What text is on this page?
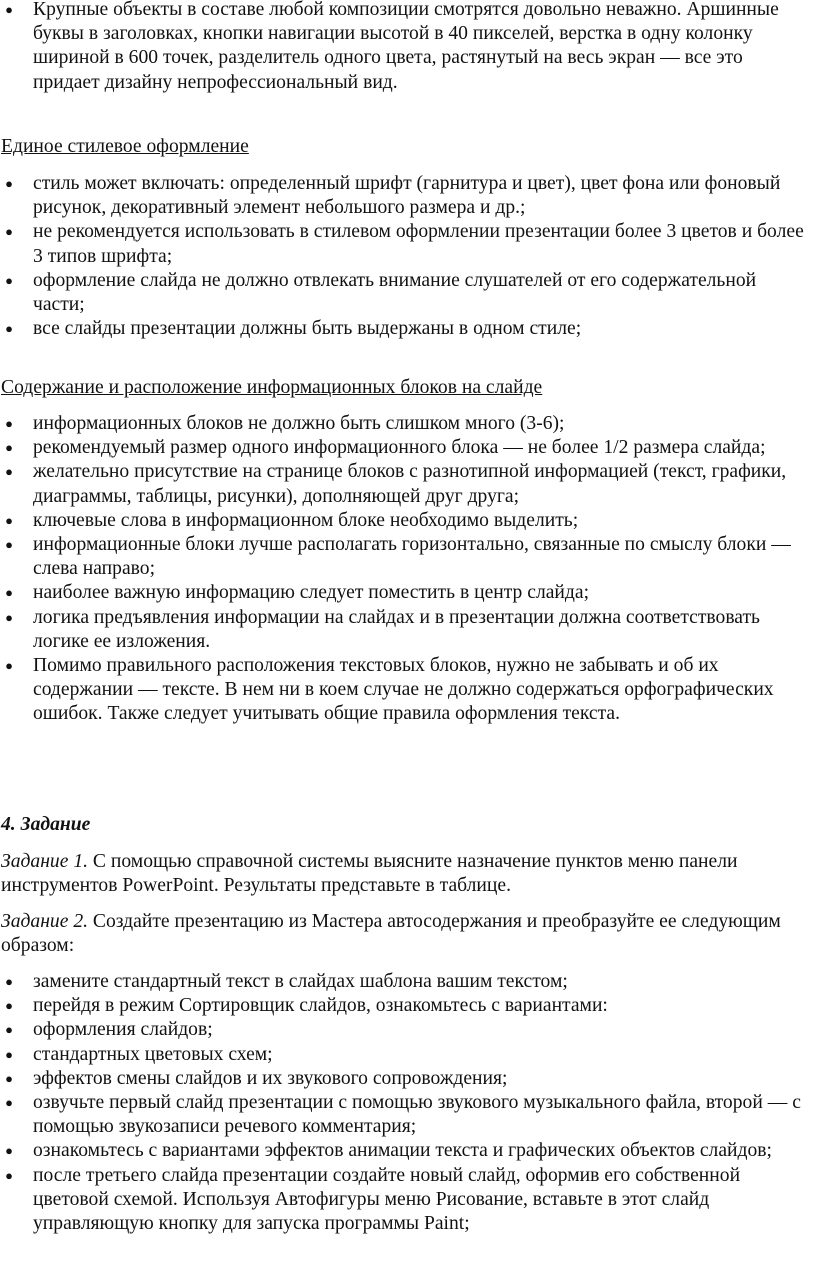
● Крупные объекты в составе любой композиции смотрятся довольно неважно. Аршинные буквы в заголовках, кнопки навигации высотой в 40 пикселей, верстка в одну колонку шириной в 600 точек, разделитель одного цвета, растянутый на весь экран — все это придает дизайну непрофессиональный вид.

Единое стилевое оформление

● стиль может включать: определенный шрифт (гарнитура и цвет), цвет фона или фоновый рисунок, декоративный элемент небольшого размера и др.;
● не рекомендуется использовать в стилевом оформлении презентации более 3 цветов и более 3 типов шрифта;
● оформление слайда не должно отвлекать внимание слушателей от его содержательной части;
● все слайды презентации должны быть выдержаны в одном стиле;

Содержание и расположение информационных блоков на слайде

● информационных блоков не должно быть слишком много (3-6);
● рекомендуемый размер одного информационного блока — не более 1/2 размера слайда;
● желательно присутствие на странице блоков с разнотипной информацией (текст, графики, диаграммы, таблицы, рисунки), дополняющей друг друга;
● ключевые слова в информационном блоке необходимо выделить;
● информационные блоки лучше располагать горизонтально, связанные по смыслу блоки — слева направо;
● наиболее важную информацию следует поместить в центр слайда;
● логика предъявления информации на слайдах и в презентации должна соответствовать логике ее изложения.
● Помимо правильного расположения текстовых блоков, нужно не забывать и об их содержании — тексте. В нем ни в коем случае не должно содержаться орфографических ошибок. Также следует учитывать общие правила оформления текста.

4. Задание

Задание 1. С помощью справочной системы выясните назначение пунктов меню панели инструментов PowerPoint. Результаты представьте в таблице.

Задание 2. Создайте презентацию из Мастера автосодержания и преобразуйте ее следующим образом:

● замените стандартный текст в слайдах шаблона вашим текстом;
● перейдя в режим Сортировщик слайдов, ознакомьтесь с вариантами:
● оформления слайдов;
● стандартных цветовых схем;
● эффектов смены слайдов и их звукового сопровождения;
● озвучьте первый слайд презентации с помощью звукового музыкального файла, второй — с помощью звукозаписи речевого комментария;
● ознакомьтесь с вариантами эффектов анимации текста и графических объектов слайдов;
● после третьего слайда презентации создайте новый слайд, оформив его собственной цветовой схемой. Используя Автофигуры меню Рисование, вставьте в этот слайд управляющую кнопку для запуска программы Paint;
